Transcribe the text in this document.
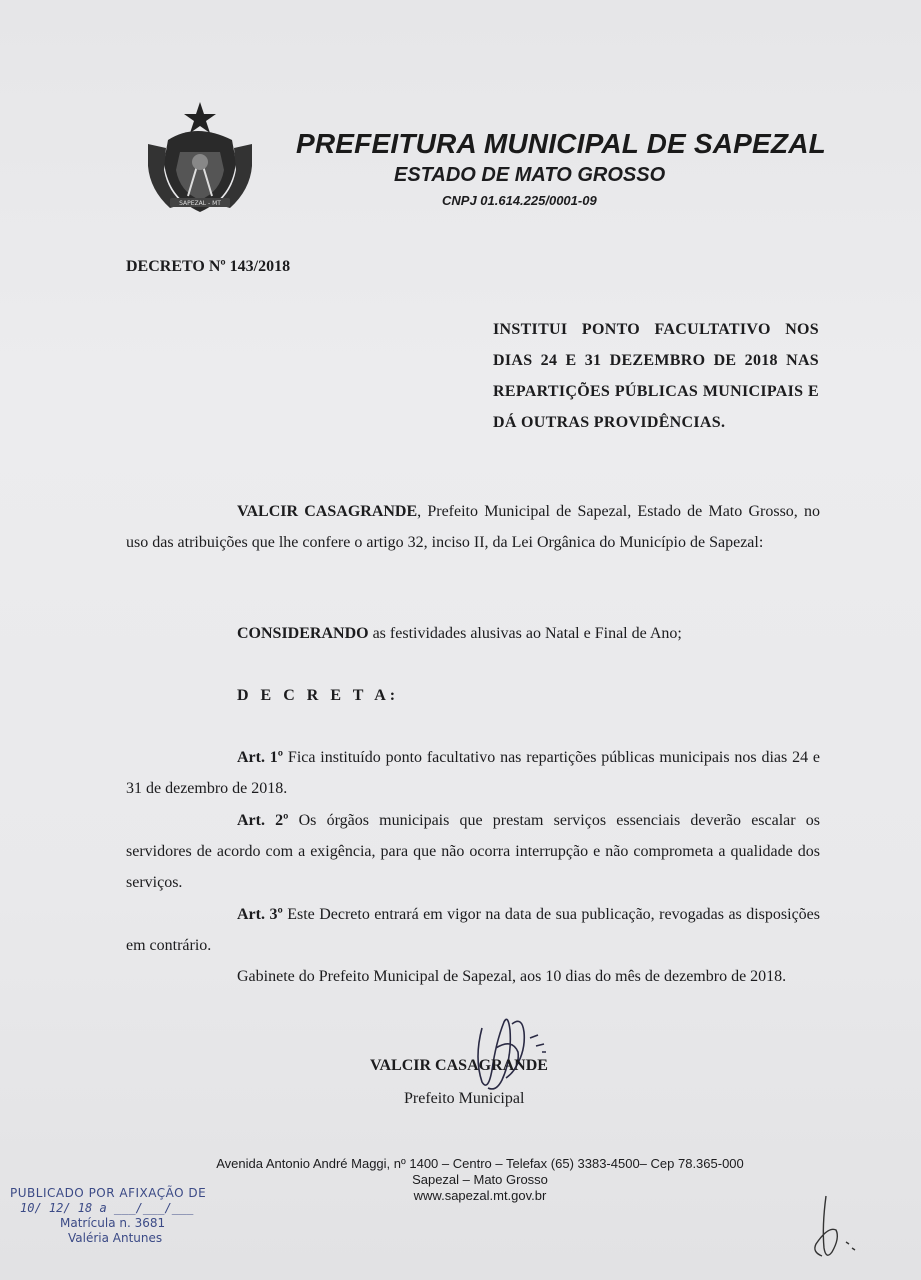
SAPEZAL - MT
PREFEITURA MUNICIPAL DE SAPEZAL
ESTADO DE MATO GROSSO
CNPJ 01.614.225/0001-09
DECRETO Nº 143/2018
INSTITUI PONTO FACULTATIVO NOS DIAS 24 E 31 DEZEMBRO DE 2018 NAS REPARTIÇÕES PÚBLICAS MUNICIPAIS E DÁ OUTRAS PROVIDÊNCIAS.
VALCIR CASAGRANDE, Prefeito Municipal de Sapezal, Estado de Mato Grosso, no uso das atribuições que lhe confere o artigo 32, inciso II, da Lei Orgânica do Município de Sapezal:
CONSIDERANDO as festividades alusivas ao Natal e Final de Ano;
D E C R E T A:
Art. 1º Fica instituído ponto facultativo nas repartições públicas municipais nos dias 24 e 31 de dezembro de 2018.
Art. 2º Os órgãos municipais que prestam serviços essenciais deverão escalar os servidores de acordo com a exigência, para que não ocorra interrupção e não comprometa a qualidade dos serviços.
Art. 3º Este Decreto entrará em vigor na data de sua publicação, revogadas as disposições em contrário.
Gabinete do Prefeito Municipal de Sapezal, aos 10 dias do mês de dezembro de 2018.
VALCIR CASAGRANDE
Prefeito Municipal
Avenida Antonio André Maggi, nº 1400 – Centro – Telefax (65) 3383-4500– Cep 78.365-000
Sapezal – Mato Grosso
www.sapezal.mt.gov.br
PUBLICADO POR AFIXAÇÃO DE
10/ 12/ 18 a ___/___/___
Matrícula n. 3681
Valéria Antunes
